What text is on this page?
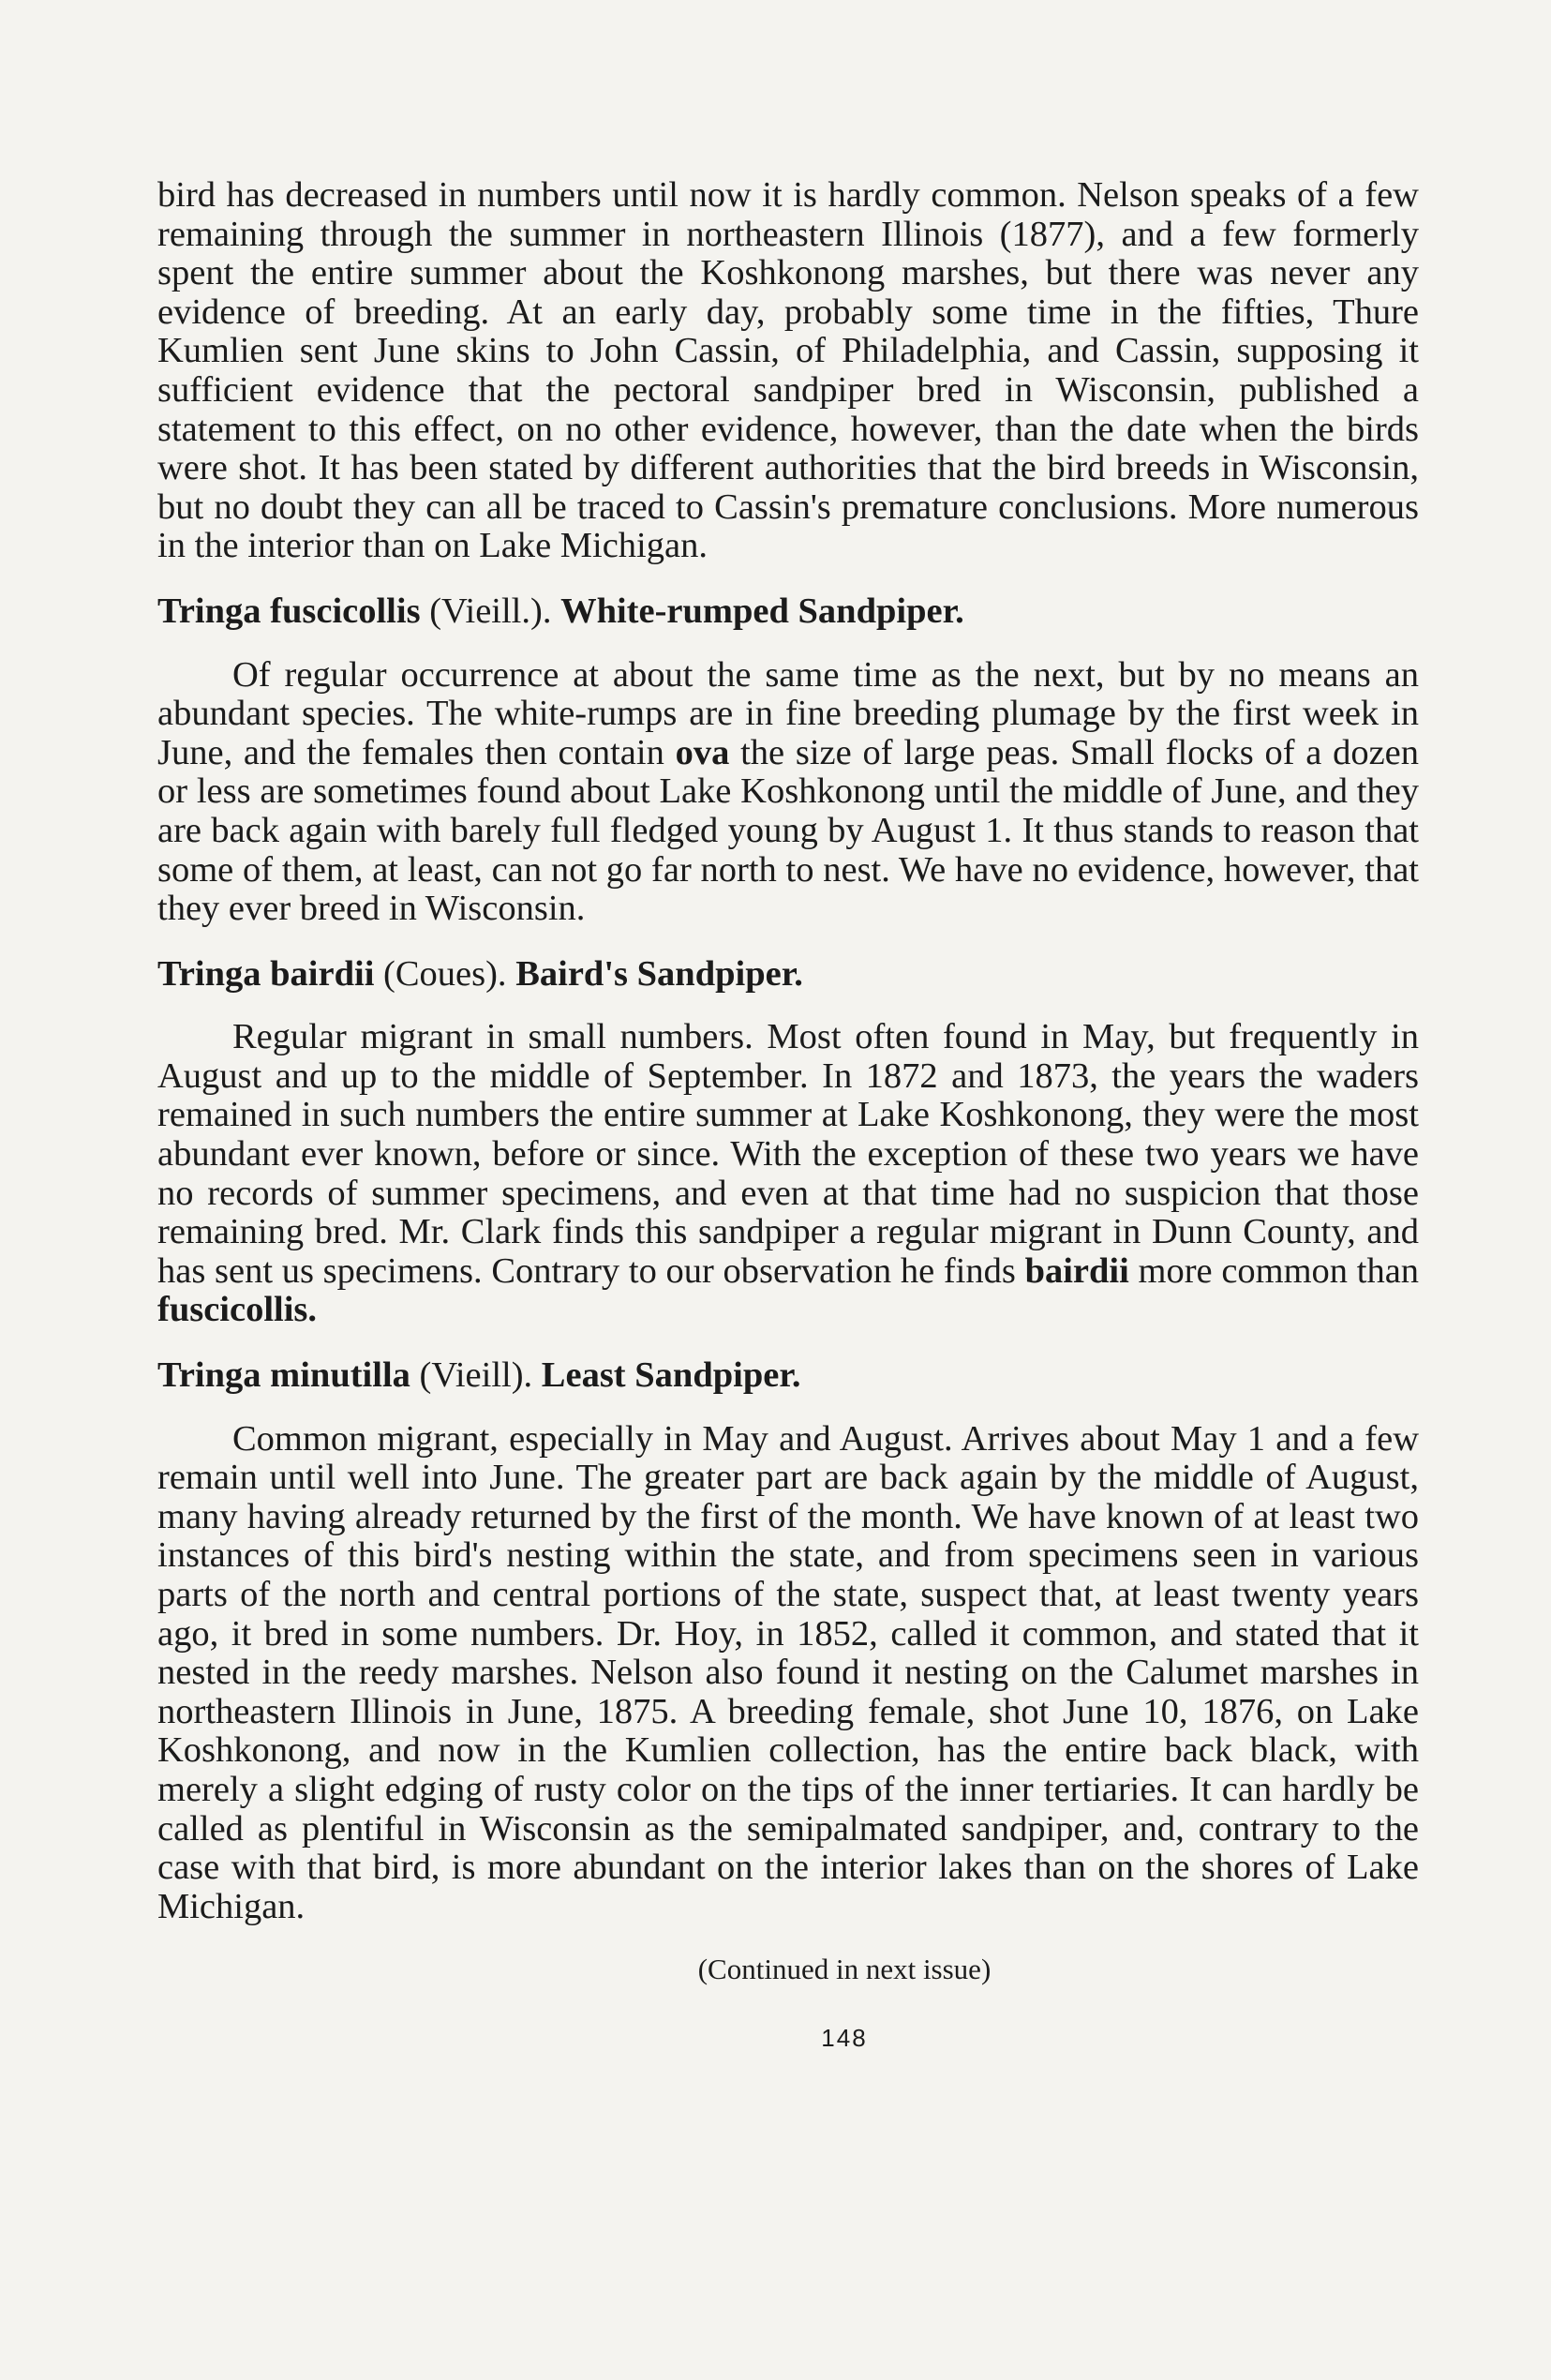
bird has decreased in numbers until now it is hardly common. Nelson speaks of a few remaining through the summer in northeastern Illinois (1877), and a few formerly spent the entire summer about the Koshkonong marshes, but there was never any evidence of breeding. At an early day, probably some time in the fifties, Thure Kumlien sent June skins to John Cassin, of Philadelphia, and Cassin, supposing it sufficient evidence that the pectoral sandpiper bred in Wisconsin, published a statement to this effect, on no other evidence, however, than the date when the birds were shot. It has been stated by different authorities that the bird breeds in Wisconsin, but no doubt they can all be traced to Cassin's premature conclusions. More numerous in the interior than on Lake Michigan.

Tringa fuscicollis (Vieill.). White-rumped Sandpiper.

Of regular occurrence at about the same time as the next, but by no means an abundant species. The white-rumps are in fine breeding plumage by the first week in June, and the females then contain ova the size of large peas. Small flocks of a dozen or less are sometimes found about Lake Koshkonong until the middle of June, and they are back again with barely full fledged young by August 1. It thus stands to reason that some of them, at least, can not go far north to nest. We have no evidence, however, that they ever breed in Wisconsin.

Tringa bairdii (Coues). Baird's Sandpiper.

Regular migrant in small numbers. Most often found in May, but frequently in August and up to the middle of September. In 1872 and 1873, the years the waders remained in such numbers the entire summer at Lake Koshkonong, they were the most abundant ever known, before or since. With the exception of these two years we have no records of summer specimens, and even at that time had no suspicion that those remaining bred. Mr. Clark finds this sandpiper a regular migrant in Dunn County, and has sent us specimens. Contrary to our observation he finds bairdii more common than fuscicollis.

Tringa minutilla (Vieill). Least Sandpiper.

Common migrant, especially in May and August. Arrives about May 1 and a few remain until well into June. The greater part are back again by the middle of August, many having already returned by the first of the month. We have known of at least two instances of this bird's nesting within the state, and from specimens seen in various parts of the north and central portions of the state, suspect that, at least twenty years ago, it bred in some numbers. Dr. Hoy, in 1852, called it common, and stated that it nested in the reedy marshes. Nelson also found it nesting on the Calumet marshes in northeastern Illinois in June, 1875. A breeding female, shot June 10, 1876, on Lake Koshkonong, and now in the Kumlien collection, has the entire back black, with merely a slight edging of rusty color on the tips of the inner tertiaries. It can hardly be called as plentiful in Wisconsin as the semipalmated sandpiper, and, contrary to the case with that bird, is more abundant on the interior lakes than on the shores of Lake Michigan.

(Continued in next issue)
148
